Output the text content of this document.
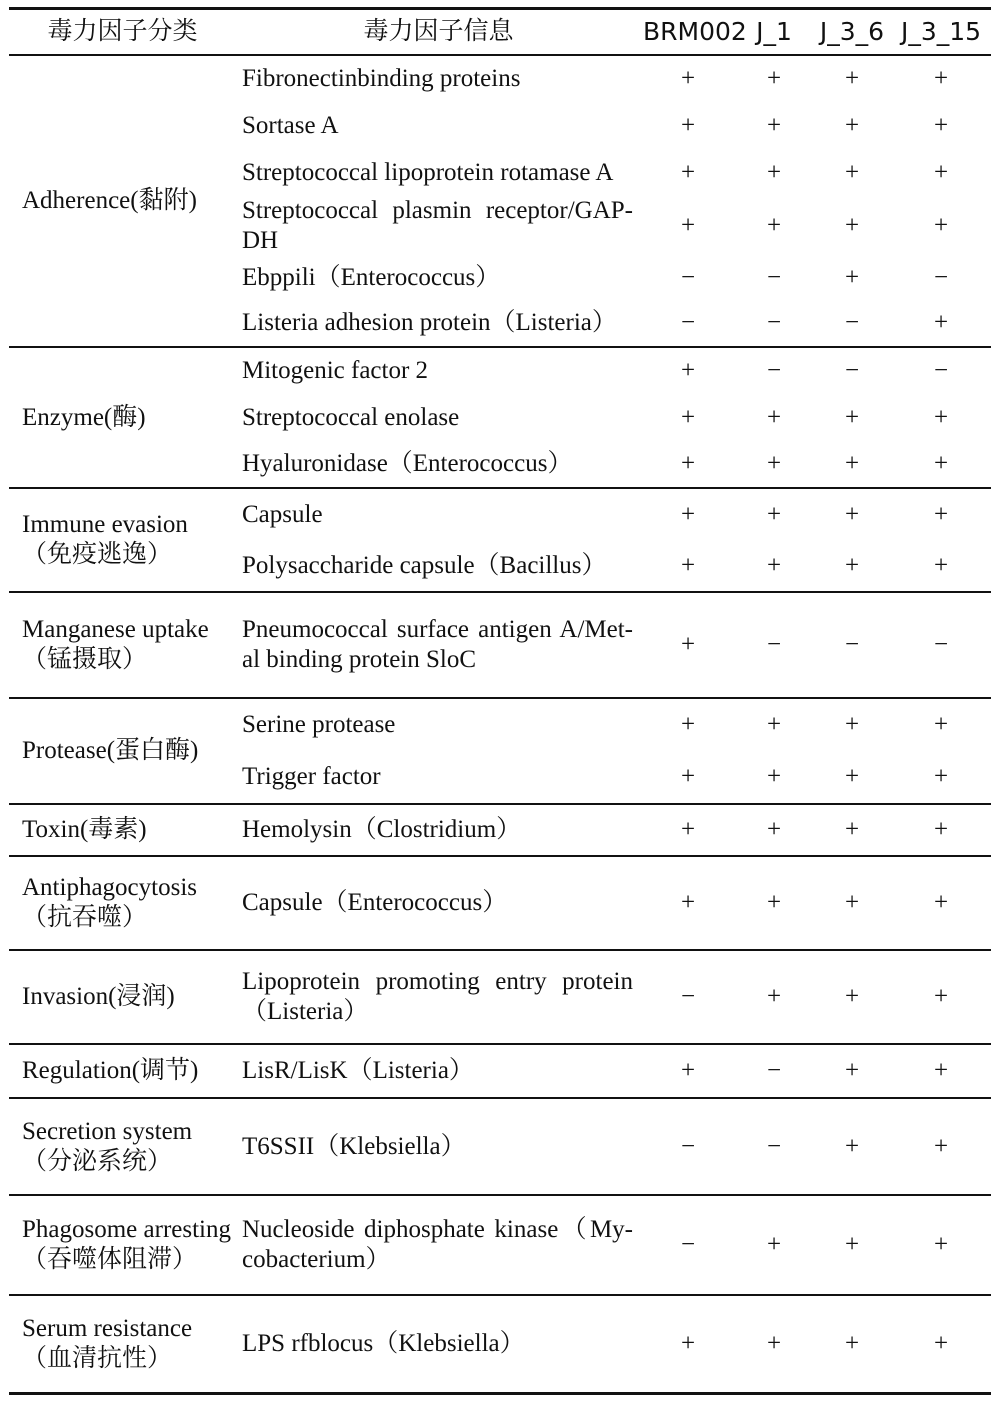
毒力因子分类	毒力因子信息	BRM002	J_1	J_3_6	J_3_15
Adherence(黏附)	Fibronectinbinding proteins	+	+	+	+
	Sortase A	+	+	+	+
	Streptococcal lipoprotein rotamase A	+	+	+	+
	Streptococcal plasmin receptor/GAP-DH	+	+	+	+
	Ebppili（Enterococcus）	−	−	+	−
	Listeria adhesion protein（Listeria）	−	−	−	+
Enzyme(酶)	Mitogenic factor 2	+	−	−	−
	Streptococcal enolase	+	+	+	+
	Hyaluronidase（Enterococcus）	+	+	+	+
Immune evasion（免疫逃逸）	Capsule	+	+	+	+
	Polysaccharide capsule（Bacillus）	+	+	+	+
Manganese uptake（锰摄取）	Pneumococcal surface antigen A/Met-al binding protein SloC	+	−	−	−
Protease(蛋白酶)	Serine protease	+	+	+	+
	Trigger factor	+	+	+	+
Toxin(毒素)	Hemolysin（Clostridium）	+	+	+	+
Antiphagocytosis（抗吞噬）	Capsule（Enterococcus）	+	+	+	+
Invasion(浸润)	Lipoprotein promoting entry protein（Listeria）	−	+	+	+
Regulation(调节)	LisR/LisK（Listeria）	+	−	+	+
Secretion system（分泌系统）	T6SSII（Klebsiella）	−	−	+	+
Phagosome arresting（吞噬体阻滞）	Nucleoside diphosphate kinase（My-cobacterium）	−	+	+	+
Serum resistance（血清抗性）	LPS rfblocus（Klebsiella）	+	+	+	+
